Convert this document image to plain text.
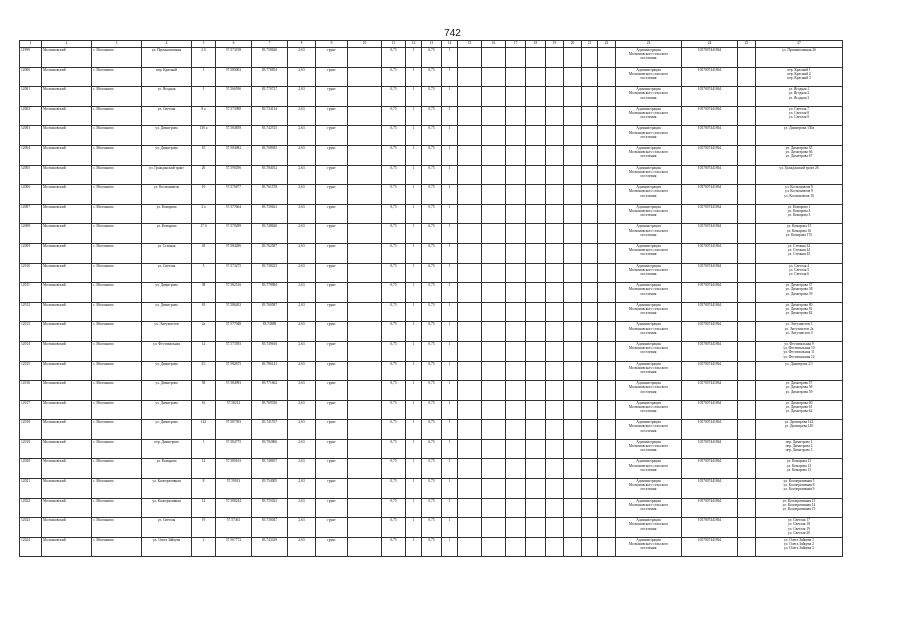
742
1	2	3	4	5	6	7	8	9	10	11	12	13	14	15	16	17	18	19	20	21	22	23	24	25	27
11999	Молчановский	с. Молчаново	ул. Промышленная	2 б	57.573198	83.758626	2,63	грунт		0,75	1	0,75	1									Администрация
Молчановского сельского
поселения	1057007441864		ул. Промышленная 2б

12000	Молчановский	с. Молчаново	пер. Красный	1	57.580002	83.778854	2,63	грунт		0,75	1	0,75	1									Администрация
Молчановского сельского
поселения	1057007441864		пер. Красный 1
пер. Красный 2
пер. Красный 3

12001	Молчановский	с. Молчаново	ул. Ягодная	1	57.566596	83.770727	2,63	грунт		0,75	1	0,75	1									Администрация
Молчановского сельского
поселения	1057007441864		ул. Ягодная 1
ул. Ягодная 2
ул. Ягодная 3

12002	Молчановский	с. Молчаново	ул. Светлая	8 а	57.573988	83.734134	2,63	грунт		0,75	1	0,75	1									Администрация
Молчановского сельского
поселения	1057007441864		ул. Светлая 7
ул. Светлая 8
ул. Светлая 9

12003	Молчановский	с. Молчаново	ул. Димитрова	130 а	57.584858	83.742515	2,63	грунт		0,75	1	0,75	1									Администрация
Молчановского сельского
поселения	1057007441864		ул. Димитрова 130а

12004	Молчановский	с. Молчаново	ул. Димитрова	67	57.584082	83.768945	2,63	грунт		0,75	1	0,75	1									Администрация
Молчановского сельского
поселения	1057007441864		ул. Димитрова 65
ул. Димитрова 66
ул. Димитрова 67

12005	Молчановский	с. Молчаново	ул. Гражданский тракт	26	57.590296	83.784012	2,63	грунт		0,75	1	0,75	1									Администрация
Молчановского сельского
поселения	1057007441864		ул. Гражданский тракт 26

12006	Молчановский	с. Молчаново	ул. Космонавтов	10	57.576877	83.761578	2,63	грунт		0,75	1	0,75	1									Администрация
Молчановского сельского
поселения	1057007441864		ул. Космонавтов 8
ул. Космонавтов 9
ул. Космонавтов 10

12007	Молчановский	с. Молчаново	ул. Комарова	2 а	57.577664	83.750621	2,63	грунт		0,75	1	0,75	1									Администрация
Молчановского сельского
поселения	1057007441864		ул. Комарова 1
ул. Комарова 2
ул. Комарова 3

12008	Молчановский	с. Молчаново	ул. Комарова	17 б	57.578289	83.748626	2,63	грунт		0,75	1	0,75	1									Администрация
Молчановского сельского
поселения	1057007441864		ул. Комарова 15
ул. Комарова 16
ул. Комарова 17б

12009	Молчановский	с. Молчаново	ул. Степная	45	57.584286	83.762587	2,63	грунт		0,75	1	0,75	1									Администрация
Молчановского сельского
поселения	1057007441864		ул. Степная 42
ул. Степная 44
ул. Степная 45

12010	Молчановский	с. Молчаново	ул. Светлая	5	57.573275	83.738225	2,63	грунт		0,75	1	0,75	1									Администрация
Молчановского сельского
поселения	1057007441864		ул. Светлая 4
ул. Светлая 5
ул. Светлая 6

12011	Молчановский	с. Молчаново	ул. Димитрова	38	57.582516	83.778984	2,63	грунт		0,75	1	0,75	1									Администрация
Молчановского сельского
поселения	1057007441864		ул. Димитрова 37
ул. Димитрова 38
ул. Димитрова 39

12012	Молчановский	с. Молчаново	ул. Димитрова	81	57.586263	83.760587	2,63	грунт		0,75	1	0,75	1									Администрация
Молчановского сельского
поселения	1057007441864		ул. Димитрова 80
ул. Димитрова 81
ул. Димитрова 82

12013	Молчановский	с. Молчаново	ул. Энтузиастов	2а	57.577948	83.74689	2,63	грунт		0,75	1	0,75	1									Администрация
Молчановского сельского
поселения	1057007441864		ул. Энтузиастов 1
ул. Энтузиастов 2а
ул. Энтузиастов 3

12014	Молчановский	с. Молчаново	ул. Фестивальная	12	57.573593	83.749616	2,63	грунт		0,75	1	0,75	1									Администрация
Молчановского сельского
поселения	1057007441864		ул. Фестивальная 9
ул. Фестивальная 10
ул. Фестивальная 11
ул. Фестивальная 12

12015	Молчановский	с. Молчаново	ул. Димитрова	2/1	57.582675	83.786141	2,63	грунт		0,75	1	0,75	1									Администрация
Молчановского сельского
поселения	1057007441864		ул. Димитрова 2/1

12016	Молчановский	с. Молчаново	ул. Димитрова	58	57.584993	83.771662	2,63	грунт		0,75	1	0,75	1									Администрация
Молчановского сельского
поселения	1057007441864		ул. Димитрова 57
ул. Димитрова 58
ул. Димитрова 59

12017	Молчановский	с. Молчаново	ул. Димитрова	61	57.58212	83.769356	2,63	грунт		0,75	1	0,75	1									Администрация
Молчановского сельского
поселения	1057007441864		ул. Димитрова 60
ул. Димитрова 61
ул. Димитрова 62

12018	Молчановский	с. Молчаново	ул. Димитрова	142	57.587393	83.741767	2,63	грунт		0,75	1	0,75	1									Администрация
Молчановского сельского
поселения	1057007441864		ул. Димитрова 142
ул. Димитрова 140

12019	Молчановский	с. Молчаново	пер. Димитрова	1	57.584775	83.792866	2,63	грунт		0,75	1	0,75	1									Администрация
Молчановского сельского
поселения	1057007441864		пер. Димитрова 1
пер. Димитрова 2
пер. Димитрова 3

12020	Молчановский	с. Молчаново	ул. Комарова	14	57.580163	83.748657	2,63	грунт		0,75	1	0,75	1									Администрация
Молчановского сельского
поселения	1057007441864		ул. Комарова 13
ул. Комарова 14
ул. Комарова 15

12021	Молчановский	с. Молчаново	ул. Кооперативная	8	57.59013	83.754005	2,63	грунт		0,75	1	0,75	1									Администрация
Молчановского сельского
поселения	1057007441864		ул. Кооперативная 5
ул. Кооперативная 8
ул. Кооперативная 9

12022	Молчановский	с. Молчаново	ул. Кооперативная	14	57.588244	83.755023	2,63	грунт		0,75	1	0,75	1									Администрация
Молчановского сельского
поселения	1057007441864		ул. Кооперативная 13
ул. Кооперативная 14
ул. Кооперативная 15

12023	Молчановский	с. Молчаново	ул. Светлая	19	57.57461	83.730047	2,63	грунт		0,75	1	0,75	1									Администрация
Молчановского сельского
поселения	1057007441864		ул. Светлая 17
ул. Светлая 18
ул. Светлая 19
ул. Светлая 20

12024	Молчановский	с. Молчаново	ул. Олега Зайцева	2	57.567772	83.743329	2,63	грунт		0,75	1	0,75	1									Администрация
Молчановского сельского
поселения	1057007441864		ул. Олега Зайцева 1
ул. Олега Зайцева 2
ул. Олега Зайцева 3
